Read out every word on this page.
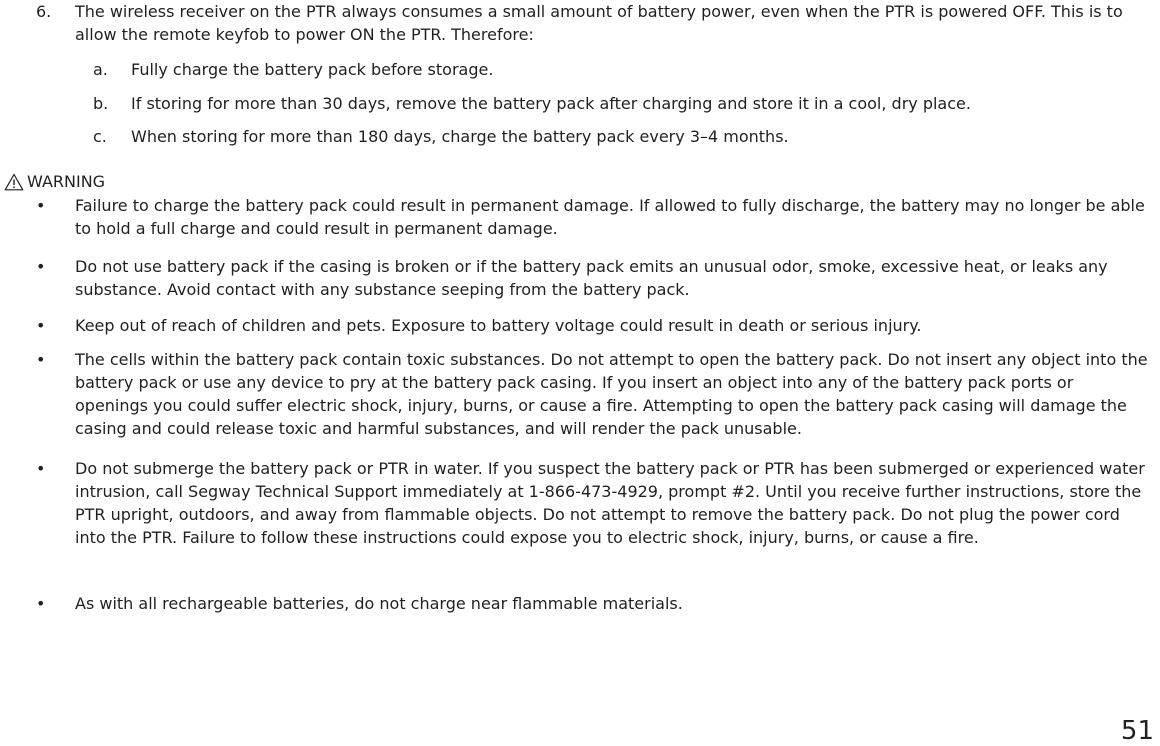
6. The wireless receiver on the PTR always consumes a small amount of battery power, even when the PTR is powered OFF. This is to allow the remote keyfob to power ON the PTR. Therefore:
a. Fully charge the battery pack before storage.
b. If storing for more than 30 days, remove the battery pack after charging and store it in a cool, dry place.
c. When storing for more than 180 days, charge the battery pack every 3–4 months.
WARNING
• Failure to charge the battery pack could result in permanent damage. If allowed to fully discharge, the battery may no longer be able to hold a full charge and could result in permanent damage.
• Do not use battery pack if the casing is broken or if the battery pack emits an unusual odor, smoke, excessive heat, or leaks any substance. Avoid contact with any substance seeping from the battery pack.
• Keep out of reach of children and pets. Exposure to battery voltage could result in death or serious injury.
• The cells within the battery pack contain toxic substances. Do not attempt to open the battery pack. Do not insert any object into the battery pack or use any device to pry at the battery pack casing. If you insert an object into any of the battery pack ports or openings you could suffer electric shock, injury, burns, or cause a fire. Attempting to open the battery pack casing will damage the casing and could release toxic and harmful substances, and will render the pack unusable.
• Do not submerge the battery pack or PTR in water. If you suspect the battery pack or PTR has been submerged or experienced water intrusion, call Segway Technical Support immediately at 1-866-473-4929, prompt #2. Until you receive further instructions, store the PTR upright, outdoors, and away from flammable objects. Do not attempt to remove the battery pack. Do not plug the power cord into the PTR. Failure to follow these instructions could expose you to electric shock, injury, burns, or cause a fire.
• As with all rechargeable batteries, do not charge near flammable materials.
51
